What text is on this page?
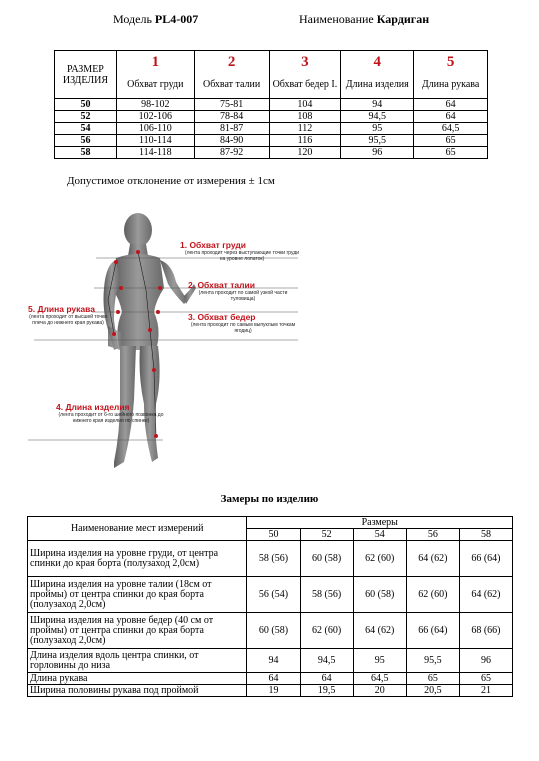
Модель PL4-007	Наименование Кардиган
РАЗМЕР ИЗДЕЛИЯ	1	2	3	4	5
	Обхват груди	Обхват талии	Обхват бедер I.	Длина изделия	Длина рукава
50	98-102	75-81	104	94	64
52	102-106	78-84	108	94,5	64
54	106-110	81-87	112	95	64,5
56	110-114	84-90	116	95,5	65
58	114-118	87-92	120	96	65
Допустимое отклонение от измерения ± 1см
1. Обхват груди
(лента проходит через выступающие точки груди на уровне лопаток)
2. Обхват талии
(лента проходит по самой узкой части туловища)
3. Обхват бедер
(лента проходит по самым выпуклым точкам ягодиц)
5. Длина рукава
(лента проходит от высшей точки плеча до нижнего края рукава)
4. Длина изделия
(лента проходит от 6-го шейного позвонка до нижнего края изделия по спинке)
Замеры по изделию
Наименование мест измерений	Размеры				
	50	52	54	56	58
Ширина изделия на уровне груди, от центра спинки до края борта (полузаход 2,0см)	58 (56)	60 (58)	62 (60)	64 (62)	66 (64)
Ширина изделия на уровне талии (18см от проймы) от центра спинки до края борта (полузаход 2,0см)	56 (54)	58 (56)	60 (58)	62 (60)	64 (62)
Ширина изделия на уровне бедер (40 см от проймы) от центра спинки до края борта (полузаход 2,0см)	60 (58)	62 (60)	64 (62)	66 (64)	68 (66)
Длина изделия вдоль центра спинки, от горловины до низа	94	94,5	95	95,5	96
Длина рукава	64	64	64,5	65	65
Ширина половины рукава под проймой	19	19,5	20	20,5	21
